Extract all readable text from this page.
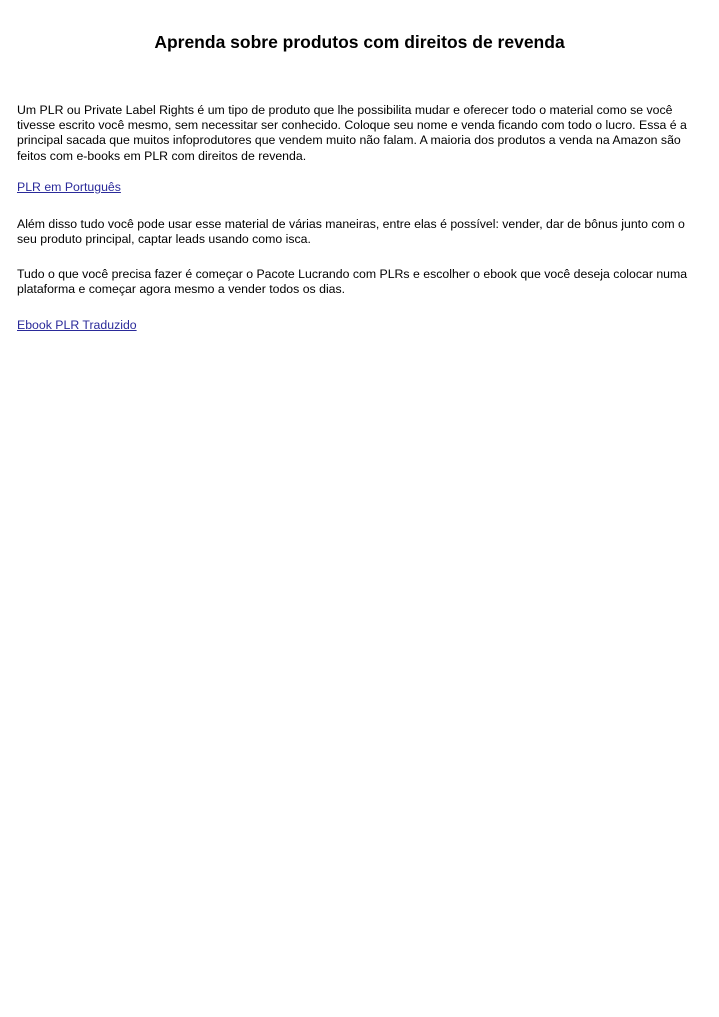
Aprenda sobre produtos com direitos de revenda

Um PLR ou Private Label Rights é um tipo de produto que lhe possibilita mudar e oferecer todo o material como se você tivesse escrito você mesmo, sem necessitar ser conhecido. Coloque seu nome e venda ficando com todo o lucro. Essa é a principal sacada que muitos infoprodutores que vendem muito não falam. A maioria dos produtos a venda na Amazon são feitos com e-books em PLR com direitos de revenda.

PLR em Português

Além disso tudo você pode usar esse material de várias maneiras, entre elas é possível: vender, dar de bônus junto com o seu produto principal, captar leads usando como isca.

Tudo o que você precisa fazer é começar o Pacote Lucrando com PLRs e escolher o ebook que você deseja colocar numa plataforma e começar agora mesmo a vender todos os dias.

Ebook PLR Traduzido
